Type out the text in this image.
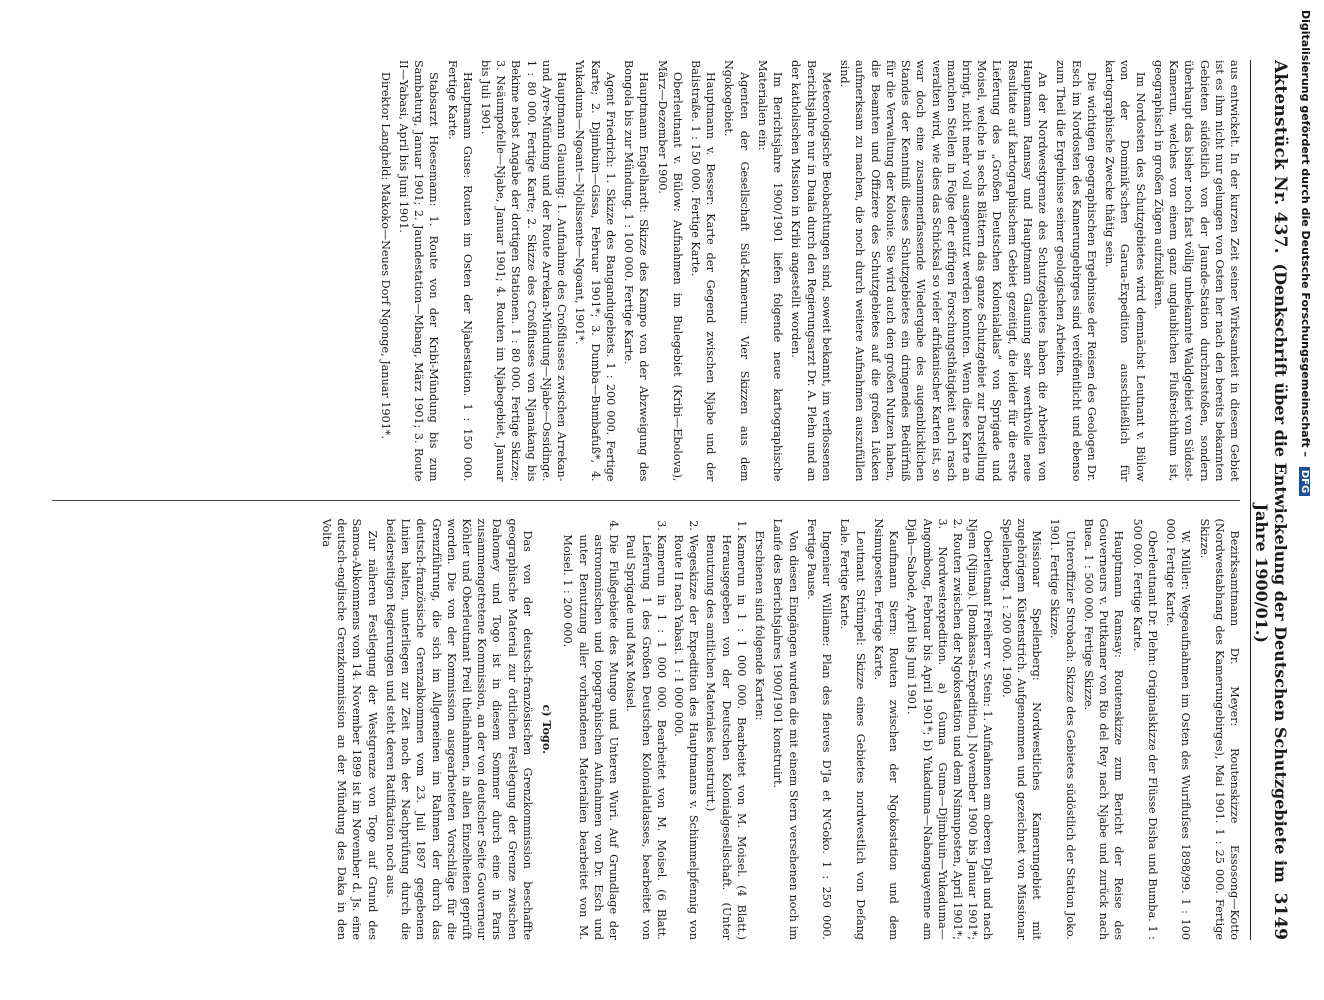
Aktenstück Nr. 437.
(Denkschrift über die Entwickelung der Deutschen Schutzgebiete im Jahre 1900/01.)
3149

aus entwickelt. In der kurzen Zeit seiner Wirksamkeit in diesem Gebiet ist es ihm nicht nur gelungen von Osten her nach den bereits bekannten Gebieten südöstlich von der Jaunde-Station durchzustoßen, sondern überhaupt das bisher noch fast völlig unbekannte Waldgebiet von Südost-Kamerun, welches von einem ganz unglaublichen Flußreichthum ist, geographisch in großen Zügen aufzuklären.

Im Nordosten des Schutzgebietes wird demnächst Leutnant v. Bülow von der Dominik'schen Garua-Expedition ausschließlich für kartographische Zwecke thätig sein.

Die wichtigen geographischen Ergebnisse der Reisen des Geologen Dr. Esch im Nordosten des Kamerungebirges sind veröffentlicht und ebenso zum Theil die Ergebnisse seiner geologischen Arbeiten.

An der Nordwestgrenze des Schutzgebietes haben die Arbeiten von Hauptmann Ramsay und Hauptmann Glauning sehr werthvolle neue Resultate auf kartographischem Gebiet gezeitigt, die leider für die erste Lieferung des „Großen Deutschen Kolonialatlas“ von Sprigade und Moisel, welche in sechs Blättern das ganze Schutzgebiet zur Darstellung bringt, nicht mehr voll ausgenutzt werden konnten. Wenn diese Karte an manchen Stellen in Folge der eifrigen Forschungsthätigkeit auch rasch veralten wird, wie dies das Schicksal so vieler afrikanischer Karten ist, so war doch eine zusammenfassende Wiedergabe des augenblicklichen Standes der Kenntniß dieses Schutzgebietes ein dringendes Bedürfniß für die Verwaltung der Kolonie. Sie wird auch den großen Nutzen haben, die Beamten und Offiziere des Schutzgebietes auf die großen Lücken aufmerksam zu machen, die noch durch weitere Aufnahmen auszufüllen sind.

Meteorologische Beobachtungen sind, soweit bekannt, im verflossenen Berichtsjahre nur in Duala durch den Regierungsarzt Dr. A. Plehn und an der katholischen Mission in Kribi angestellt worden.

Im Berichtsjahre 1900/1901 liefen folgende neue kartographische Materialien ein:

Agenten der Gesellschaft Süd-Kamerun: Vier Skizzen aus dem Ngokogebiet.

Hauptmann v. Besser: Karte der Gegend zwischen Njabe und der Balistraße. 1 : 150 000. Fertige Karte.

Oberleutnant v. Bülow: Aufnahmen im Bulegebiet (Kribi—Ebolova), März—Dezember 1900.

Hauptmann Engelhardt: Skizze des Kampo von der Abzweigung des Bongola bis zur Mündung. 1 : 100 000. Fertige Karte.

Agent Friedrich: 1. Skizze des Bangandugebiets. 1 : 200 000. Fertige Karte; 2. Djimbuin—Gissa, Februar 1901*; 3. Dumba—Bumbafuß*, 4. Yukaduma—Ngoant—Njolissente—Ngoant, 1901*.

Hauptmann Glauning: 1. Aufnahme des Croßflusses zwischen Arrekan- und Ayre-Mündung und der Route Arrekan-Mündung—Njabe—Ossidinge. 1 : 80 000. Fertige Karte; 2. Skizze des Croßflusses von Njanakang bis Bekime nebst Angabe der dortigen Stationen. 1 : 80 000. Fertige Skizze; 3. Nsäumpofelle—Njabe, Januar 1901; 4. Routen im Njabegebiet, Januar bis Juli 1901.

Hauptmann Guse: Routen im Osten der Njabestation. 1 : 150 000. Fertige Karte.

Stabsarzt Hoesemann: 1. Route von der Kribi-Mündung bis zum Sambaturg, Januar 1901; 2. Jaundestation—Mbang, März 1901; 3. Route II—Yabasi, April bis Juni 1901.

Direktor Langheld: Makoko—Neues Dorf Ngonge, Januar 1901*.

Bezirksamtmann Dr. Meyer: Routenskizze Essosong—Kotto (Nordwestabhang des Kamerungebirges), Mai 1901. 1 : 25 000. Fertige Skizze.

W. Müller: Wegeaufnahmen im Osten des Wurifluſses 1898/99. 1 : 100 000. Fertige Karte.

Oberleutnant Dr. Plehn: Originalskizze der Flüsse Disha und Bumba. 1 : 500 000. Fertige Karte.

Hauptmann Ramsay: Routenskizze zum Bericht der Reise des Gouverneurs v. Puttkamer von Rio del Rey nach Njabe und zurück nach Buea. 1 : 500 000. Fertige Skizze.

Unteroffizier Strobach: Skizze des Gebietes südöstlich der Station Joko. 1901. Fertige Skizze.

Missionar Spellenberg: Nordwestliches Kamerungebiet mit zugehörigem Küstenstrich. Aufgenommen und gezeichnet von Missionar Spellenberg. 1 : 200 000. 1900.

Oberleutnant Freiherr v. Stein: 1. Aufnahmen am oberen Djah und nach Njem (Njima). [Bomkassa-Expedition.] November 1900 bis Januar 1901*; 2. Routen zwischen der Ngokostation und dem Nsimuposten, April 1901*; 3. Nordwestexpedition. a) Guma Guma—Djimbuin—Yukaduma—Angombong, Februar bis April 1901*; b) Yukaduma—Nabanguayenne am Djah—Sabode, April bis Juni 1901.

Kaufmann Stern: Routen zwischen der Ngokostation und dem Nsimuposten. Fertige Karte.

Leutnant Strümpel: Skizze eines Gebietes nordwestlich von Deſang Lale. Fertige Karte.

Ingenieur Williame: Plan des fleuves D'Ja et N'Goko. 1 : 250 000. Fertige Pause.

Von diesen Eingängen wurden die mit einem Stern versehenen noch im Laufe des Berichtsjahres 1900/1901 konstruirt.

Erschienen sind folgende Karten:

1. Kamerun in 1 : 1 000 000. Bearbeitet von M. Moisel. (4 Blatt.) Herausgegeben von der Deutschen Kolonialgesellschaft. (Unter Benutzung des amtlichen Materiales konstruirt.)
2. Wegeskizze der Expedition des Hauptmanns v. Schimmelpfennig von Route II nach Yabasi. 1 : 1 000 000.
3. Kamerun in 1 : 1 000 000. Bearbeitet von M. Moisel. (6 Blatt. Lieferung 1 des Großen Deutschen Kolonialatlasses, bearbeitet von Paul Sprigade und Max Moisel.
4. Die Flußgebiete des Mungo und Unteren Wuri. Auf Grundlage der astronomischen und topographischen Aufnahmen von Dr. Esch und unter Benutzung aller vorhandenen Materialien bearbeitet von M. Moisel. 1 : 200 000.

c) Togo.

Das von der deutsch-französischen Grenzkommission beschaffte geographische Material zur örtlichen Festlegung der Grenze zwischen Dahomey und Togo ist in diesem Sommer durch eine in Paris zusammengetretene Kommission, an der von deutscher Seite Gouverneur Köhler und Oberleutnant Preil theilnahmen, in allen Einzelheiten geprüft worden. Die von der Kommission ausgearbeiteten Vorschläge für die Grenzführung, die sich im Allgemeinen im Rahmen der durch das deutsch-französische Grenzabkommen vom 23. Juli 1897 gegebenen Linien halten, unterliegen zur Zeit noch der Nachprüfung durch die beiderseitigen Regierungen und steht deren Ratifikation noch aus.

Zur näheren Festlegung der Westgrenze von Togo auf Grund des Samoa-Abkommens vom 14. November 1899 ist im November d. Js. eine deutsch-englische Grenzkommission an der Mündung des Daka in den Volta

Digitalisierung gefördert durch die Deutsche Forschungsgemeinschaft – DFG
